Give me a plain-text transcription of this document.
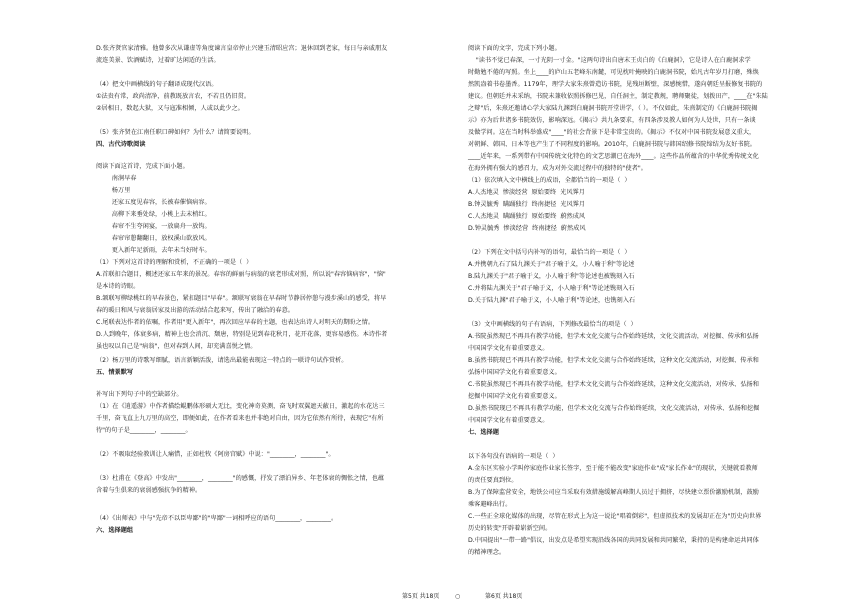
D.张齐贤官家清雅。他曾多次从谦虚等角度谏言皇帝停止兴建玉清昭应宫；退休回到老家，每日与亲戚朋友

流连美景、饮酒赋诗，过着旷达闲适的生活。

（4）把文中画横线的句子翻译成现代汉语。

①法贵有常，政尚清净，前教既放言农，不若且仍旧贯。

②居相日，数起大狱，又与寇准相倾，人或以此少之。

（5）张齐贤在江南任职口碑如何？为什么？请简要说明。

四、古代诗歌阅读

阅读下面这首诗，完成下面小题。

南涧早春

杨万里

还家五度见春容，长被春催恼病容。

高柳下来垂处绿，小桃上去末梢红。

春帘不生夸闲宴，一放扁舟一放钩。

春帘帘憩翻翻日，放权溪山欲放风。

更入新年足新雨，去年未当好时车。

（1）下列对这首诗的理解和赏析，不正确的一项是（  ）

A.首联扣合题目，概述还家五年来的景况。春容的鲜丽与病翁的衰老形成对照，所以说"春容恼病容"，"恼"

是本诗的诗眼。

B.颔联写柳绿桃红的早春景色，紧扣题目"早春"。颔联写衰翁在早春时节静居停憩与漫步溪山的感受，将早

春的暖日和风与衰翁居家及出游的活动结合起来写，传出了融洽的春意。

C.尾联表达作者的依嘱，作者用"更入新年"，再次回应早春的主题，也表达出诗人对明天的期盼之情。

D.人到晚年，体衰多病，精神上也会消沉、颓唐，特别是见到春花秋月，花开花落，更容易感伤。本诗作者

虽也叹以自己是"病翁"，但对春到人间，却充满喜悦之情。

（2）杨万里的诗歌写细腻，语言新颖活泼，请选出最能表现这一特点的一联诗句试作赏析。

五、情景默写

补写出下列句子中的空缺部分。

（1）在《逍遥游》中作者描绘鲲鹏体形硕大无比，变化神奇莫测，奋飞时双翼遮天蔽日，激起的水花达三

千里，奋飞直上九万里的高空，即便如此，在作者看来也并非绝对自由，因为它依然有所待，表现它"有所

待"的句子是________，________。

（2）不吸取经验教训让人痛惜，正如杜牧《阿房宫赋》中说："________，________"。

（3）杜甫在《登高》中发出"________，________"的感慨，抒发了漂泊异乡、年老体衰的惆怅之情，也蕴

含着与生俱来的衰弱感强抗争的精神。

（4）《出师表》中与"先帝不以臣卑鄙"的"卑鄙"一词相呼应的语句________，________。

六、选择题组

阅读下面的文字，完成下列小题。

"读书不觉已春深，一寸光阴一寸金。"这两句诗出自唐末王贞白的《白鹿洞》，它是诗人在白鹿洞求学

时勤勉不倦的写照。坐上____的庐山五老峰东南麓，可见枕叶掩映的白鹿洞书院，始凡古年岁月打磨，殊焕

然凯盎着书卷墨香。1179年，理学大家朱熹曾造访书院，见残垣断壁，深感惋惜，遂向朝廷呈报修复书院的

建议。但朝廷并未采纳，书院未兼收依照拆修巴见，自任洞主，制定教规，聘师聚徒，划拨田产，____在"朱陆

之辩"后，朱熹还邀请心学大家陆九渊到白鹿洞书院开堂讲学，（ ）。不仅如此，朱熹制定的《白鹿洞书院揭

示》亦为后世诸多书院效仿，影响深远。《揭示》共九条要求，有四条涉及教人如何为人处世，只有一条谈

及做学问。这在当时科举盛成"____"的社会背景下是非常宝贵的。《揭示》不仅对中国书院发展意义重大，

对朝鲜、韩国、日本等也产生了不同程度的影响。2010年，白鹿洞书院与韩国绍修书院缔结为友好书院。

____近年来，一系列带有中国传统文化特色的文艺思潮已在海外____。这些作品所蕴含的中华优秀传统文化

在海外拥有强大的感召力，成为对外交流过程中的独特的"使者"。

（1）依次填入文中横线上的成语，全都恰当的一项是（  ）

A.人杰地灵  惨淡经营  原始要终  光风霁月

B.钟灵毓秀  瞒踊独行  终南捷径  光风霁月

C.人杰地灵  瞒踊独行  原始要终  蔚然成风

D.钟灵毓秀  惨淡经营  终南捷径  蔚然成风

（2）下列在文中括号内补写的语句，最恰当的一项是（  ）

A.并携朝九石了陆九渊关于"君子喻于义，小人喻于利"等论述

B.陆九渊关于"君子喻于义，小人喻于利"等论述也被镌刻入石

C.并将陆九渊关于"君子喻于义，小人喻于利"等论述镌刻入石

D.关于陆九渊"君子喻于义，小人喻于利"等论述，也镌刻入石

（3）文中画横线的句子有语病，下列修改最恰当的项是（  ）

A.书院虽然现已不再具有教学功能，但学术文化交流与合作始终延续，文化交流活动，对挖掘、传承和弘扬

中国国学文化有着重要意义。

B.虽然书院现已不再具有教学功能，但学术文化交流与合作始终延续，这种文化交流活动，对挖掘、传承和

弘扬中国国学文化有着重要意义。

C.书院虽然现已不再具有教学功能，但学术文化交流与合作始终延续，这种文化交流活动，对传承、弘扬和

挖掘中国国学文化有着重要意义。

D.虽然书院现已不再具有教学功能，但学术文化交流与合作始终延续，文化交流活动，对传承、弘扬和挖掘

中国国学文化有着重要意义。

七、选择题

以下各句没有语病的一项是（  ）

A.金东区实验小学叫停家庭作业家长签字，至于能不能改变"家庭作业"成"家长作业"的现状，关键就看教师

的责任要真到位。

B.为了保障监营安全，地铁公司应当采取有效措施缓解高峰期人员过于拥挤，尽快建立票价激励机制，鼓励

乘客避峰出行。

C.一些正全球化媒体的出现，尽管在形式上为这一说论"唱着倒彩"，但虚拟技术的发展却正在为"历史向世界

历史的转变"开辟着崭新空间。

D.中国提出"一带一路"倡议，出发点是希望实现沿线各国的共同发展和共同繁荣，秉持的是构建命运共同体

的精神理念。

第5页 共18页	○	第6页 共18页
